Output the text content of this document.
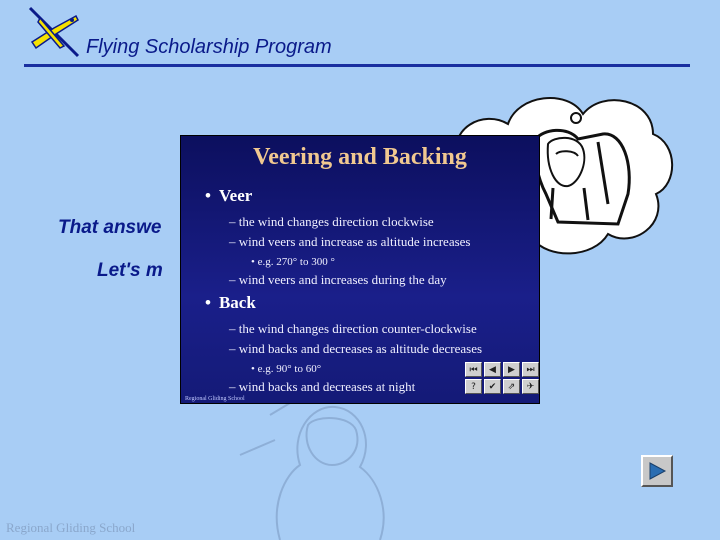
Flying Scholarship Program
That answe
Let's m
Veering and Backing
• Veer
– the wind changes direction clockwise
– wind veers and increase as altitude increases
• e.g. 270° to 300 °
– wind veers and increases during the day
• Back
– the wind changes direction counter-clockwise
– wind backs and decreases as altitude decreases
• e.g. 90° to 60°
– wind backs and decreases at night
Regional Gliding School
⏮ ◀ ▶ ⏭
? ✔ ⇗ ✈
Regional Gliding School
